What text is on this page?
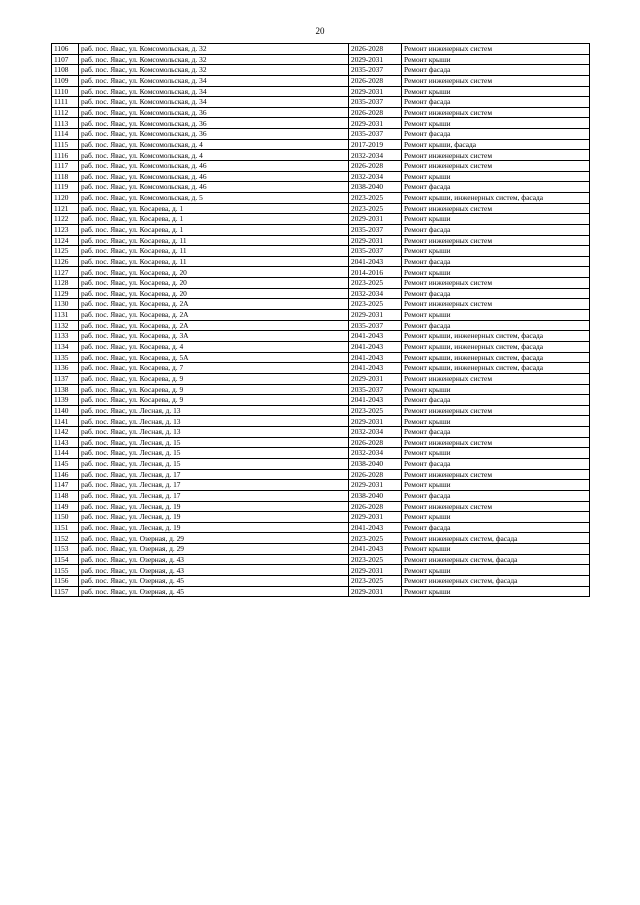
20
1106	раб. пос. Явас, ул. Комсомольская, д. 32	2026-2028	Ремонт инженерных систем
1107	раб. пос. Явас, ул. Комсомольская, д. 32	2029-2031	Ремонт крыши
1108	раб. пос. Явас, ул. Комсомольская, д. 32	2035-2037	Ремонт фасада
1109	раб. пос. Явас, ул. Комсомольская, д. 34	2026-2028	Ремонт инженерных систем
1110	раб. пос. Явас, ул. Комсомольская, д. 34	2029-2031	Ремонт крыши
1111	раб. пос. Явас, ул. Комсомольская, д. 34	2035-2037	Ремонт фасада
1112	раб. пос. Явас, ул. Комсомольская, д. 36	2026-2028	Ремонт инженерных систем
1113	раб. пос. Явас, ул. Комсомольская, д. 36	2029-2031	Ремонт крыши
1114	раб. пос. Явас, ул. Комсомольская, д. 36	2035-2037	Ремонт фасада
1115	раб. пос. Явас, ул. Комсомольская, д. 4	2017-2019	Ремонт крыши, фасада
1116	раб. пос. Явас, ул. Комсомольская, д. 4	2032-2034	Ремонт инженерных систем
1117	раб. пос. Явас, ул. Комсомольская, д. 46	2026-2028	Ремонт инженерных систем
1118	раб. пос. Явас, ул. Комсомольская, д. 46	2032-2034	Ремонт крыши
1119	раб. пос. Явас, ул. Комсомольская, д. 46	2038-2040	Ремонт фасада
1120	раб. пос. Явас, ул. Комсомольская, д. 5	2023-2025	Ремонт крыши, инженерных систем, фасада
1121	раб. пос. Явас, ул. Косарева, д. 1	2023-2025	Ремонт инженерных систем
1122	раб. пос. Явас, ул. Косарева, д. 1	2029-2031	Ремонт крыши
1123	раб. пос. Явас, ул. Косарева, д. 1	2035-2037	Ремонт фасада
1124	раб. пос. Явас, ул. Косарева, д. 11	2029-2031	Ремонт инженерных систем
1125	раб. пос. Явас, ул. Косарева, д. 11	2035-2037	Ремонт крыши
1126	раб. пос. Явас, ул. Косарева, д. 11	2041-2043	Ремонт фасада
1127	раб. пос. Явас, ул. Косарева, д. 20	2014-2016	Ремонт крыши
1128	раб. пос. Явас, ул. Косарева, д. 20	2023-2025	Ремонт инженерных систем
1129	раб. пос. Явас, ул. Косарева, д. 20	2032-2034	Ремонт фасада
1130	раб. пос. Явас, ул. Косарева, д. 2А	2023-2025	Ремонт инженерных систем
1131	раб. пос. Явас, ул. Косарева, д. 2А	2029-2031	Ремонт крыши
1132	раб. пос. Явас, ул. Косарева, д. 2А	2035-2037	Ремонт фасада
1133	раб. пос. Явас, ул. Косарева, д. 3А	2041-2043	Ремонт крыши, инженерных систем, фасада
1134	раб. пос. Явас, ул. Косарева, д. 4	2041-2043	Ремонт крыши, инженерных систем, фасада
1135	раб. пос. Явас, ул. Косарева, д. 5А	2041-2043	Ремонт крыши, инженерных систем, фасада
1136	раб. пос. Явас, ул. Косарева, д. 7	2041-2043	Ремонт крыши, инженерных систем, фасада
1137	раб. пос. Явас, ул. Косарева, д. 9	2029-2031	Ремонт инженерных систем
1138	раб. пос. Явас, ул. Косарева, д. 9	2035-2037	Ремонт крыши
1139	раб. пос. Явас, ул. Косарева, д. 9	2041-2043	Ремонт фасада
1140	раб. пос. Явас, ул. Лесная, д. 13	2023-2025	Ремонт инженерных систем
1141	раб. пос. Явас, ул. Лесная, д. 13	2029-2031	Ремонт крыши
1142	раб. пос. Явас, ул. Лесная, д. 13	2032-2034	Ремонт фасада
1143	раб. пос. Явас, ул. Лесная, д. 15	2026-2028	Ремонт инженерных систем
1144	раб. пос. Явас, ул. Лесная, д. 15	2032-2034	Ремонт крыши
1145	раб. пос. Явас, ул. Лесная, д. 15	2038-2040	Ремонт фасада
1146	раб. пос. Явас, ул. Лесная, д. 17	2026-2028	Ремонт инженерных систем
1147	раб. пос. Явас, ул. Лесная, д. 17	2029-2031	Ремонт крыши
1148	раб. пос. Явас, ул. Лесная, д. 17	2038-2040	Ремонт фасада
1149	раб. пос. Явас, ул. Лесная, д. 19	2026-2028	Ремонт инженерных систем
1150	раб. пос. Явас, ул. Лесная, д. 19	2029-2031	Ремонт крыши
1151	раб. пос. Явас, ул. Лесная, д. 19	2041-2043	Ремонт фасада
1152	раб. пос. Явас, ул. Озерная, д. 29	2023-2025	Ремонт инженерных систем, фасада
1153	раб. пос. Явас, ул. Озерная, д. 29	2041-2043	Ремонт крыши
1154	раб. пос. Явас, ул. Озерная, д. 43	2023-2025	Ремонт инженерных систем, фасада
1155	раб. пос. Явас, ул. Озерная, д. 43	2029-2031	Ремонт крыши
1156	раб. пос. Явас, ул. Озерная, д. 45	2023-2025	Ремонт инженерных систем, фасада
1157	раб. пос. Явас, ул. Озерная, д. 45	2029-2031	Ремонт крыши
